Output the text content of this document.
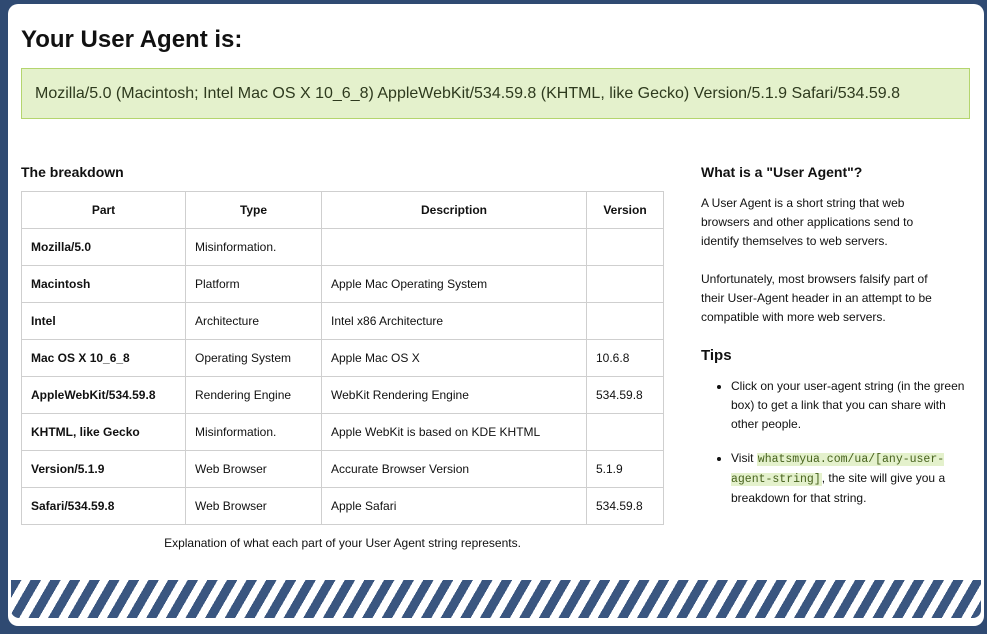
Your User Agent is:
Mozilla/5.0 (Macintosh; Intel Mac OS X 10_6_8) AppleWebKit/534.59.8 (KHTML, like Gecko) Version/5.1.9 Safari/534.59.8
The breakdown
Part	Type	Description	Version
Mozilla/5.0	Misinformation.		
Macintosh	Platform	Apple Mac Operating System	
Intel	Architecture	Intel x86 Architecture	
Mac OS X 10_6_8	Operating System	Apple Mac OS X	10.6.8
AppleWebKit/534.59.8	Rendering Engine	WebKit Rendering Engine	534.59.8
KHTML, like Gecko	Misinformation.	Apple WebKit is based on KDE KHTML	
Version/5.1.9	Web Browser	Accurate Browser Version	5.1.9
Safari/534.59.8	Web Browser	Apple Safari	534.59.8
Explanation of what each part of your User Agent string represents.
What is a "User Agent"?

A User Agent is a short string that web browsers and other applications send to identify themselves to web servers.

Unfortunately, most browsers falsify part of their User-Agent header in an attempt to be compatible with more web servers.

Tips
• Click on your user-agent string (in the green box) to get a link that you can share with other people.
• Visit whatsmyua.com/ua/[any-user-agent-string], the site will give you a breakdown for that string.
